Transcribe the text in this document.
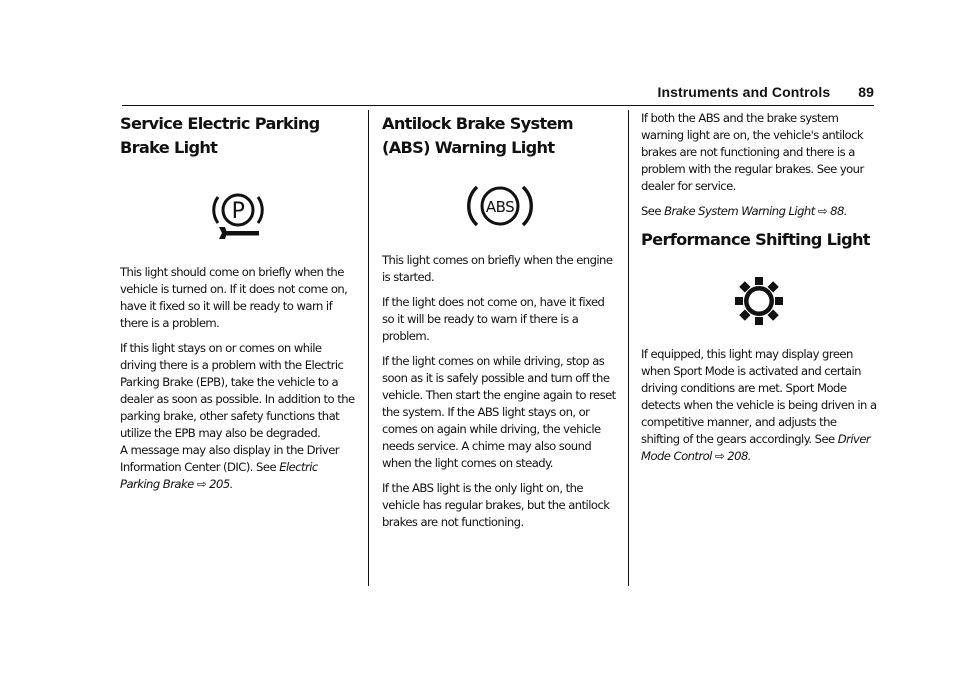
Instruments and Controls 89
Service Electric Parking Brake Light
P

This light should come on briefly when the vehicle is turned on. If it does not come on, have it fixed so it will be ready to warn if there is a problem.

If this light stays on or comes on while driving there is a problem with the Electric Parking Brake (EPB), take the vehicle to a dealer as soon as possible. In addition to the parking brake, other safety functions that utilize the EPB may also be degraded.

A message may also display in the Driver Information Center (DIC). See Electric Parking Brake ⇨ 205.

Antilock Brake System (ABS) Warning Light
ABS

This light comes on briefly when the engine is started.

If the light does not come on, have it fixed so it will be ready to warn if there is a problem.

If the light comes on while driving, stop as soon as it is safely possible and turn off the vehicle. Then start the engine again to reset the system. If the ABS light stays on, or comes on again while driving, the vehicle needs service. A chime may also sound when the light comes on steady.

If the ABS light is the only light on, the vehicle has regular brakes, but the antilock brakes are not functioning.

If both the ABS and the brake system warning light are on, the vehicle's antilock brakes are not functioning and there is a problem with the regular brakes. See your dealer for service.

See Brake System Warning Light ⇨ 88.

Performance Shifting Light

If equipped, this light may display green when Sport Mode is activated and certain driving conditions are met. Sport Mode detects when the vehicle is being driven in a competitive manner, and adjusts the shifting of the gears accordingly. See Driver Mode Control ⇨ 208.
